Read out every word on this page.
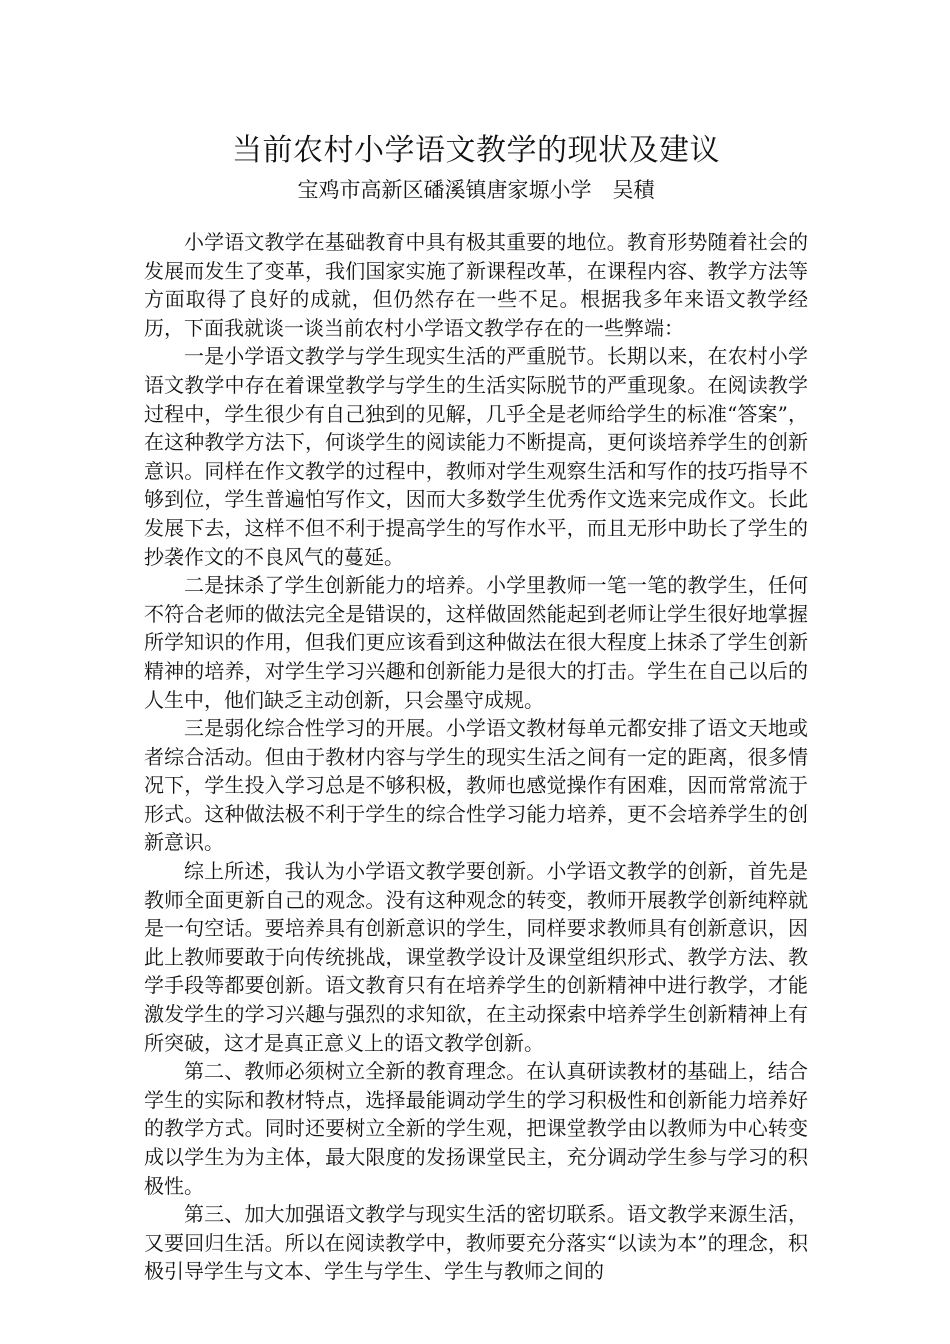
当前农村小学语文教学的现状及建议
宝鸡市高新区磻溪镇唐家塬小学　吴積

小学语文教学在基础教育中具有极其重要的地位。教育形势随着社会的发展而发生了变革，我们国家实施了新课程改革，在课程内容、教学方法等方面取得了良好的成就，但仍然存在一些不足。根据我多年来语文教学经历，下面我就谈一谈当前农村小学语文教学存在的一些弊端：

一是小学语文教学与学生现实生活的严重脱节。长期以来，在农村小学语文教学中存在着课堂教学与学生的生活实际脱节的严重现象。在阅读教学过程中，学生很少有自己独到的见解，几乎全是老师给学生的标准“答案”，在这种教学方法下，何谈学生的阅读能力不断提高，更何谈培养学生的创新意识。同样在作文教学的过程中，教师对学生观察生活和写作的技巧指导不够到位，学生普遍怕写作文，因而大多数学生优秀作文选来完成作文。长此发展下去，这样不但不利于提高学生的写作水平，而且无形中助长了学生的抄袭作文的不良风气的蔓延。

二是抹杀了学生创新能力的培养。小学里教师一笔一笔的教学生，任何不符合老师的做法完全是错误的，这样做固然能起到老师让学生很好地掌握所学知识的作用，但我们更应该看到这种做法在很大程度上抹杀了学生创新精神的培养，对学生学习兴趣和创新能力是很大的打击。学生在自己以后的人生中，他们缺乏主动创新，只会墨守成规。

三是弱化综合性学习的开展。小学语文教材每单元都安排了语文天地或者综合活动。但由于教材内容与学生的现实生活之间有一定的距离，很多情况下，学生投入学习总是不够积极，教师也感觉操作有困难，因而常常流于形式。这种做法极不利于学生的综合性学习能力培养，更不会培养学生的创新意识。

综上所述，我认为小学语文教学要创新。小学语文教学的创新，首先是教师全面更新自己的观念。没有这种观念的转变，教师开展教学创新纯粹就是一句空话。要培养具有创新意识的学生，同样要求教师具有创新意识，因此上教师要敢于向传统挑战，课堂教学设计及课堂组织形式、教学方法、教学手段等都要创新。语文教育只有在培养学生的创新精神中进行教学，才能激发学生的学习兴趣与强烈的求知欲，在主动探索中培养学生创新精神上有所突破，这才是真正意义上的语文教学创新。

第二、教师必须树立全新的教育理念。在认真研读教材的基础上，结合学生的实际和教材特点，选择最能调动学生的学习积极性和创新能力培养好的教学方式。同时还要树立全新的学生观，把课堂教学由以教师为中心转变成以学生为为主体，最大限度的发扬课堂民主，充分调动学生参与学习的积极性。

第三、加大加强语文教学与现实生活的密切联系。语文教学来源生活，又要回归生活。所以在阅读教学中，教师要充分落实“以读为本”的理念，积极引导学生与文本、学生与学生、学生与教师之间的
